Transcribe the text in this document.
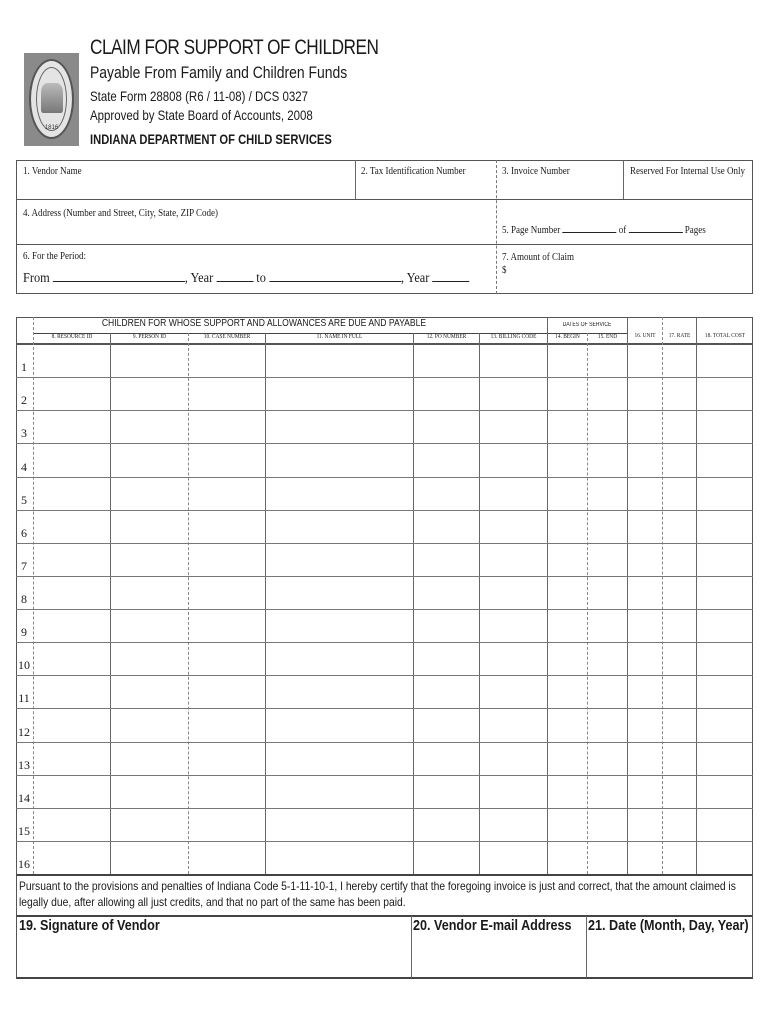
1816
CLAIM FOR SUPPORT OF CHILDREN
Payable From Family and Children Funds
State Form 28808 (R6 / 11-08) / DCS 0327
Approved by State Board of Accounts, 2008
INDIANA DEPARTMENT OF CHILD SERVICES
1. Vendor Name	2. Tax Identification Number	3. Invoice Number	Reserved For Internal Use Only
4. Address (Number and Street, City, State, ZIP Code)
5. Page Number	of	Pages
6. For the Period:
From	, Year	to	, Year
7. Amount of Claim
$
CHILDREN FOR WHOSE SUPPORT AND ALLOWANCES ARE DUE AND PAYABLE	DATES OF SERVICE
8. RESOURCE ID	9. PERSON ID	10. CASE NUMBER	11. NAME IN FULL	12. PO NUMBER	13. BILLING CODE	14. BEGIN	15. END	16. UNIT	17. RATE	18. TOTAL COST
1
2
3
4
5
6
7
8
9
10
11
12
13
14
15
16
Pursuant to the provisions and penalties of Indiana Code 5-1-11-10-1, I hereby certify that the foregoing invoice is just and correct, that the amount claimed is legally due, after allowing all just credits, and that no part of the same has been paid.
19. Signature of Vendor	20. Vendor E-mail Address 21. Date (Month, Day, Year)
